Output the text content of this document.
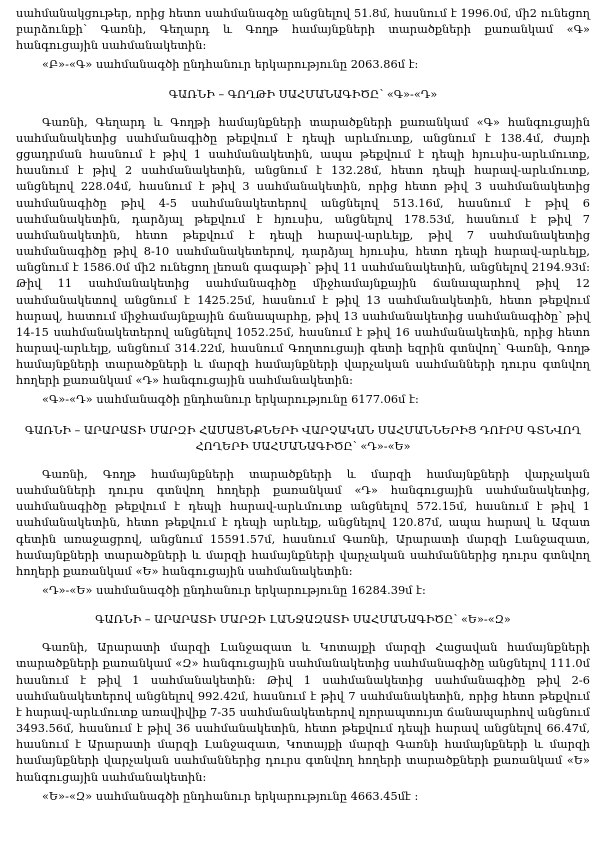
սահմանակցութեր, որից հետո սահմանագծը անցնելով 51.8մ, հասնում է 1996.0մ, մի2 ունեցող բարձունքի՝ Գառնի, Գեղարդ և Գողթ համայնքների տարածքների քառանկամ «Գ» հանգուցային սահմանակետին:

«Բ»-«Գ» սահմանագծի ընդհանուր երկարությունը 2063.86մ է:

ԳԱՌՆԻ – ԳՈՂԹԻ ՍԱՀՄԱՆԱԳԻԾԸ՝ «Գ»-«Դ»

Գառնի, Գեղարդ և Գողթի համայնքների տարածքների քառանկամ «Գ» հանգուցային սահմանակետից սահմանագիծը թեքվում է դեպի արևմուտք, անցնում է 138.4մ, ժայռի ցցադրման հասնում է թիվ 1 սահմանակետին, ապա թեքվում է դեպի հյուսիս-արևմուտք, հասնում է թիվ 2 սահմանակետին, անցնում է 132.28մ, հետո դեպի հարավ-արևմուտք, անցնելով 228.04մ, հասնում է թիվ 3 սահմանակետին, որից հետո թիվ 3 սահմանակետից սահմանագիծը թիվ 4-5 սահմանակետերով անցնելով 513.16մ, հասնում է թիվ 6 սահմանակետին, դարձյալ թեքվում է հյուսիս, անցնելով 178.53մ, հասնում է թիվ 7 սահմանակետին, հետո թեքվում է դեպի հարավ-արևելք, թիվ 7 սահմանակետից սահմանագիծը թիվ 8-10 սահմանակետերով, դարձյալ հյուսիս, հետո դեպի հարավ-արևելք, անցնում է 1586.0մ մի2 ունեցող լեռան գագաթի՝ թիվ 11 սահմանակետին, անցնելով 2194.93մ: Թիվ 11 սահմանակետից սահմանագիծը միջհամայնքային ճանապարհով թիվ 12 սահմանակետով անցնում է 1425.25մ, հասնում է թիվ 13 սահմանակետին, հետո թեքվում հարավ, հատում միջհամայնքային ճանապարհը, թիվ 13 սահմանակետից սահմանագիծը՝ թիվ 14-15 սահմանակետերով անցնելով 1052.25մ, հասնում է թիվ 16 սահմանակետին, որից հետո հարավ-արևելք, անցնում 314.22մ, հասնում Գողտուցայի գետի եզրին գտնվող՝ Գառնի, Գողթ համայնքների տարածքների և մարզի համայնքների վարչական սահմանների դուրս գտնվող հողերի քառանկամ «Դ» հանգուցային սահմանակետին:

«Գ»-«Դ» սահմանագծի ընդհանուր երկարությունը 6177.06մ է:

ԳԱՌՆԻ – ԱՐԱՐԱՏԻ ՄԱՐԶԻ ՀԱՄԱՅՆՔՆԵՐԻ ՎԱՐՉԱԿԱՆ ՍԱՀՄԱՆՆԵՐԻՑ ԴՈՒՐՍ ԳՏՆՎՈՂ ՀՈՂԵՐԻ ՍԱՀՄԱՆԱԳԻԾԸ՝ «Դ»-«Ե»

Գառնի, Գողթ համայնքների տարածքների և մարզի համայնքների վարչական սահմանների դուրս գտնվող հողերի քառանկամ «Դ» հանգուցային սահմանակետից, սահմանագիծը թեքվում է դեպի հարավ-արևմուտք անցնելով 572.15մ, հասնում է թիվ 1 սահմանակետին, հետո թեքվում է դեպի արևելք, անցնելով 120.87մ, ապա հարավ և Ազատ գետին առաջացրով, անցնում 15591.57մ, հասնում Գառնի, Արարատի մարզի Լանջազատ, համայնքների տարածքների և մարզի համայնքների վարչական սահմաններից դուրս գտնվող հողերի քառանկամ «Ե» հանգուցային սահմանակետին:

«Դ»-«Ե» սահմանագծի ընդհանուր երկարությունը 16284.39մ է:

ԳԱՌՆԻ – ԱՐԱՐԱՏԻ ՄԱՐԶԻ ԼԱՆՋԱԶԱՏԻ ՍԱՀՄԱՆԱԳԻԾԸ՝ «Ե»-«Զ»

Գառնի, Արարատի մարզի Լանջազատ և Կոտայքի մարզի Հացավան համայնքների տարածքների քառանկամ «Զ» հանգուցային սահմանակետից սահմանագիծը անցնելով 111.0մ հասնում է թիվ 1 սահմանակետին: Թիվ 1 սահմանակետից սահմանագիծը թիվ 2-6 սահմանակետերով անցնելով 992.42մ, հասնում է թիվ 7 սահմանակետին, որից հետո թեքվում է հարավ-արևմուտք առավիվիք 7-35 սահմանակետերով ոլորապտույտ ճանապարհով անցնում 3493.56մ, հասնում է թիվ 36 սահմանակետին, հետո թեքվում դեպի հարավ անցնելով 66.47մ, հասնում է Արարատի մարզի Լանջազատ, Կոտայքի մարզի Գառնի համայնքների և մարզի համայնքների վարչական սահմաններից դուրս գտնվող հողերի տարածքների քառանկամ «Ե» հանգուցային սահմանակետին:

«Ե»-«Զ» սահմանագծի ընդհանուր երկարությունը 4663.45մէ :
